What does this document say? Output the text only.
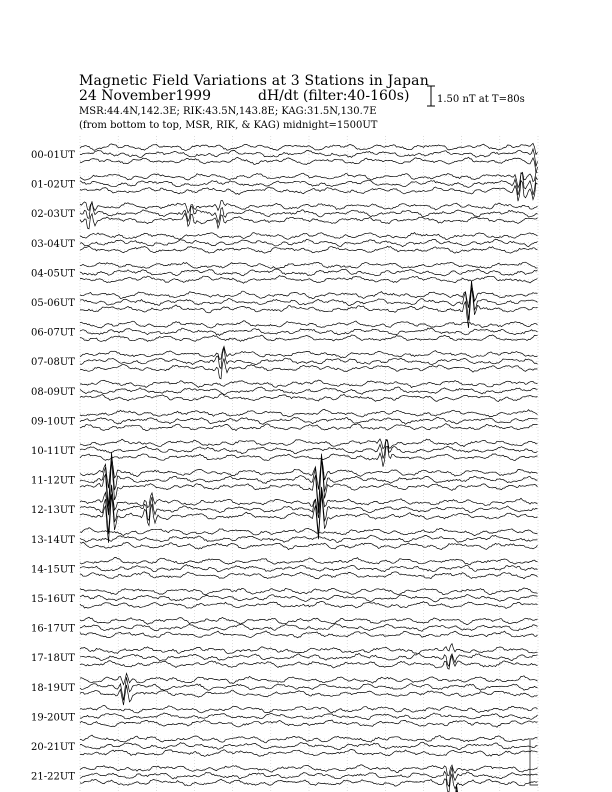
Magnetic Field Variations at 3 Stations in Japan
24 November1999	dH/dt (filter:40-160s)
MSR:44.4N,142.3E; RIK:43.5N,143.8E; KAG:31.5N,130.7E
(from bottom to top, MSR, RIK, & KAG) midnight=1500UT
1.50 nT at T=80s
00-01UT
01-02UT
02-03UT
03-04UT
04-05UT
05-06UT
06-07UT
07-08UT
08-09UT
09-10UT
10-11UT
11-12UT
12-13UT
13-14UT
14-15UT
15-16UT
16-17UT
17-18UT
18-19UT
19-20UT
20-21UT
21-22UT
